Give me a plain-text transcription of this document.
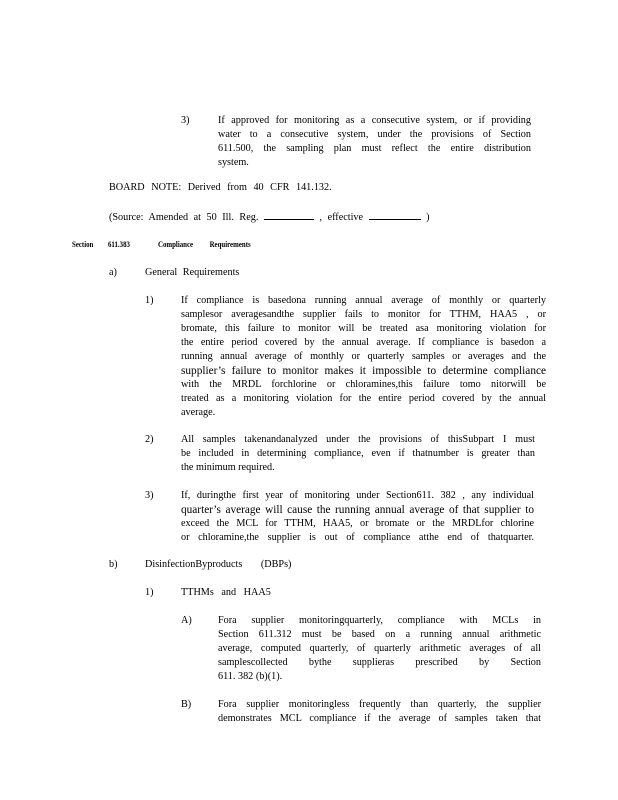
3)	If approved for monitoring as a consecutive system, or if providing
water to a consecutive system, under the provisions of Section
611.500, the sampling plan must reflect the entire distribution
system.
BOARD NOTE: Derived from 40 CFR 141.132.
(Source: Amended at 50 Ill. Reg.	, effective	)
Section 611.383	Compliance Requirements
a)	General Requirements
1)	If compliance is basedona running annual average of monthly or quarterly
samplesor averagesandthe supplier fails to monitor for TTHM, HAA5 , or
bromate, this failure to monitor will be treated asa monitoring violation for
the entire period covered by the annual average. If compliance is basedon a
running annual average of monthly or quarterly samples or averages and the
supplier’s failure to monitor makes it impossible to determine compliance
with the MRDL forchlorine or chloramines,this failure tomo nitorwill be
treated as a monitoring violation for the entire period covered by the annual
average.
2)	All samples takenandanalyzed under the provisions of thisSubpart I must
be included in determining compliance, even if thatnumber is greater than
the minimum required.
3)	If, duringthe first year of monitoring under Section611. 382 , any individual
quarter’s average will cause the running annual average of that supplier to
exceed the MCL for TTHM, HAA5, or bromate or the MRDLfor chlorine
or chloramine,the supplier is out of compliance atthe end of thatquarter.
b)	DisinfectionByproducts (DBPs)
1)	TTHMs and HAA5
A)	Fora supplier monitoringquarterly, compliance with MCLs in
Section 611.312 must be based on a running annual arithmetic
average, computed quarterly, of quarterly arithmetic averages of all
samplescollected bythe supplieras prescribed by Section
611. 382 (b)(1).
B)	Fora supplier monitoringless frequently than quarterly, the supplier
demonstrates MCL compliance if the average of samples taken that
